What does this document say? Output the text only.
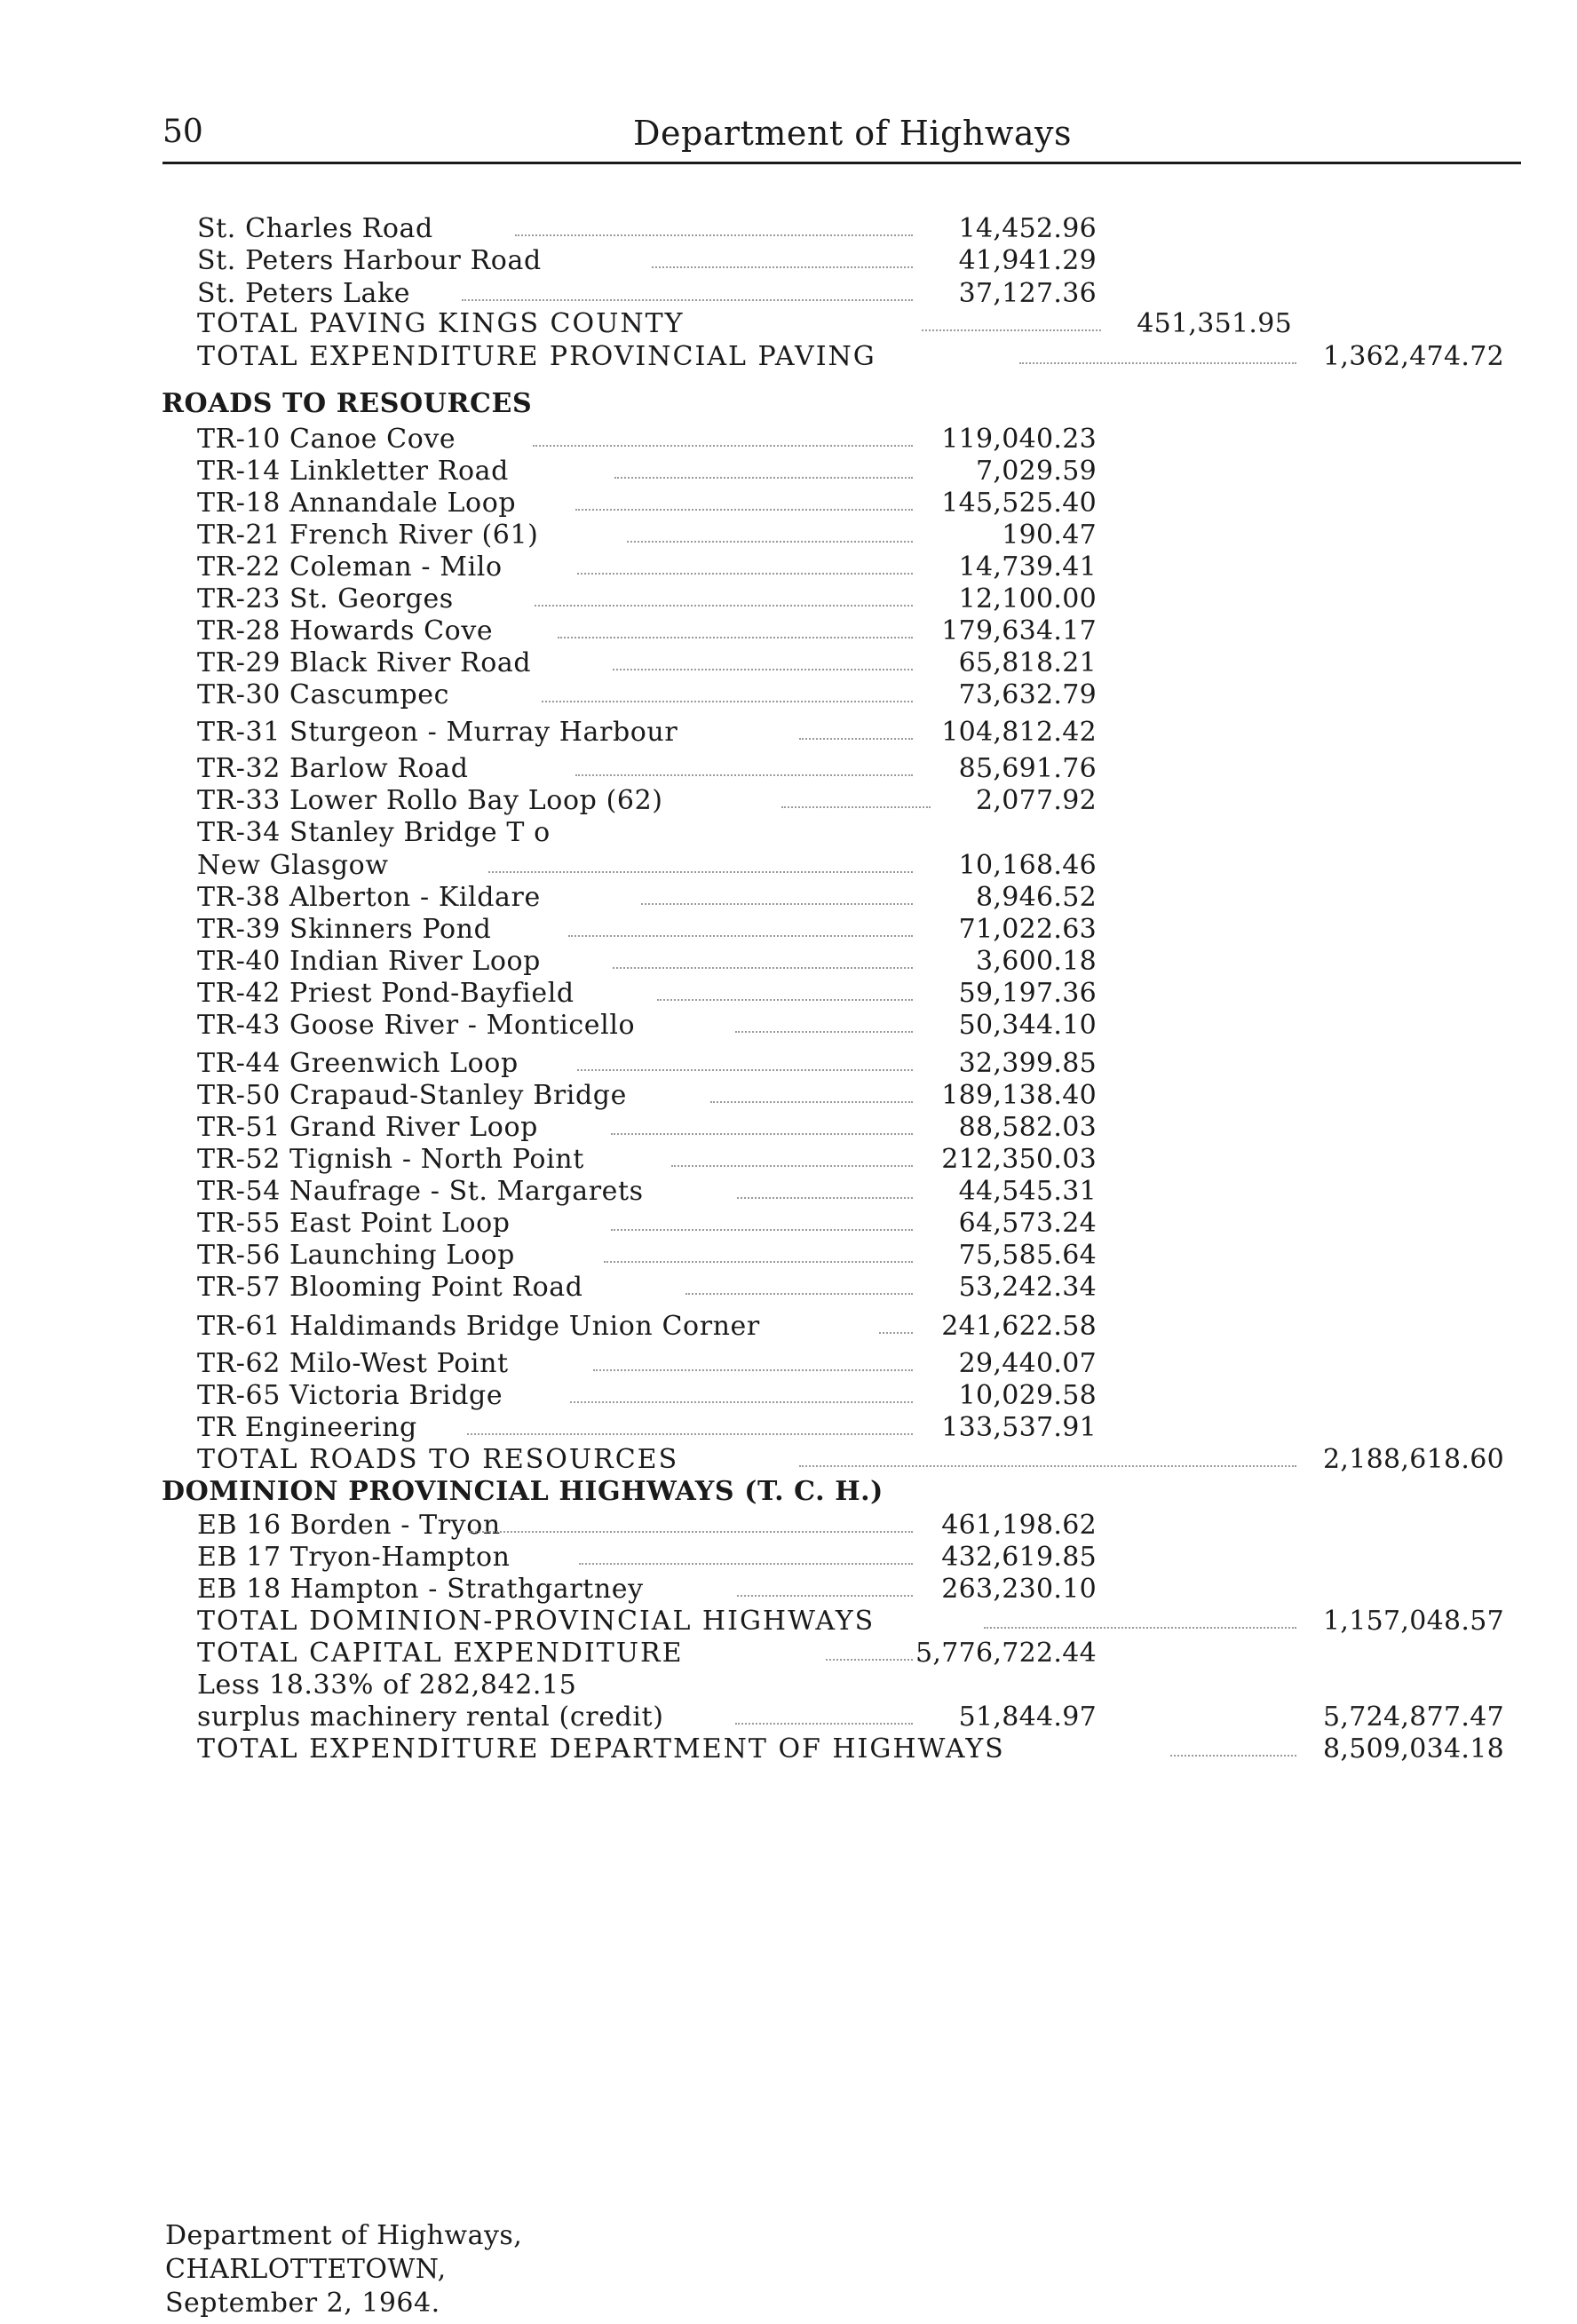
50	Department of Highways
St. Charles Road	14,452.96
St. Peters Harbour Road	41,941.29
St. Peters Lake	37,127.36
TOTAL PAVING KINGS COUNTY	451,351.95
TOTAL EXPENDITURE PROVINCIAL PAVING	1,362,474.72
ROADS TO RESOURCES
TR-10 Canoe Cove	119,040.23
TR-14 Linkletter Road	7,029.59
TR-18 Annandale Loop	145,525.40
TR-21 French River (61)	190.47
TR-22 Coleman - Milo	14,739.41
TR-23 St. Georges	12,100.00
TR-28 Howards Cove	179,634.17
TR-29 Black River Road	65,818.21
TR-30 Cascumpec	73,632.79
TR-31 Sturgeon - Murray Harbour	104,812.42
TR-32 Barlow Road	85,691.76
TR-33 Lower Rollo Bay Loop (62)	2,077.92
TR-34 Stanley Bridge T o
New Glasgow	10,168.46
TR-38 Alberton - Kildare	8,946.52
TR-39 Skinners Pond	71,022.63
TR-40 Indian River Loop	3,600.18
TR-42 Priest Pond-Bayfield	59,197.36
TR-43 Goose River - Monticello	50,344.10
TR-44 Greenwich Loop	32,399.85
TR-50 Crapaud-Stanley Bridge	189,138.40
TR-51 Grand River Loop	88,582.03
TR-52 Tignish - North Point	212,350.03
TR-54 Naufrage - St. Margarets	44,545.31
TR-55 East Point Loop	64,573.24
TR-56 Launching Loop	75,585.64
TR-57 Blooming Point Road	53,242.34
TR-61 Haldimands Bridge Union Corner	241,622.58
TR-62 Milo-West Point	29,440.07
TR-65 Victoria Bridge	10,029.58
TR Engineering	133,537.91
TOTAL ROADS TO RESOURCES	2,188,618.60
DOMINION PROVINCIAL HIGHWAYS (T. C. H.)
EB 16 Borden - Tryon	461,198.62
EB 17 Tryon-Hampton	432,619.85
EB 18 Hampton - Strathgartney	263,230.10
TOTAL DOMINION-PROVINCIAL HIGHWAYS	1,157,048.57
TOTAL CAPITAL EXPENDITURE	5,776,722.44
Less 18.33% of 282,842.15
surplus machinery rental (credit)	51,844.97	5,724,877.47
TOTAL EXPENDITURE DEPARTMENT OF HIGHWAYS	8,509,034.18
Department of Highways,
CHARLOTTETOWN,
September 2, 1964.
